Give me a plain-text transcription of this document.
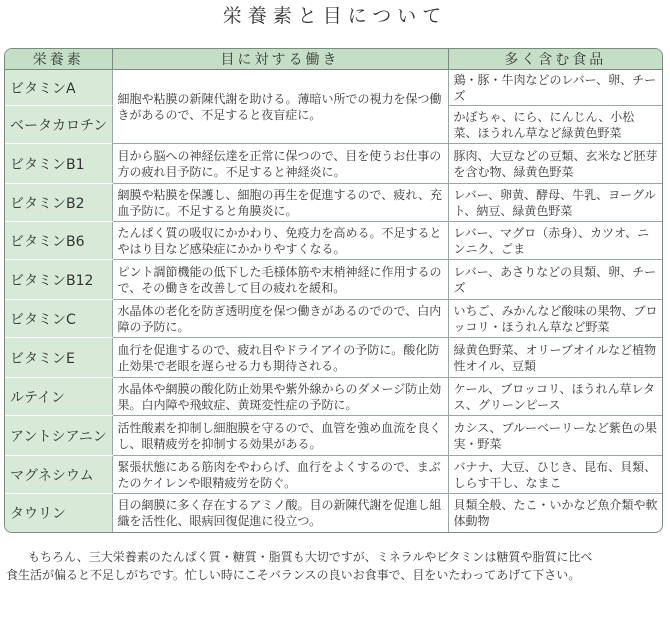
栄養素と目について
栄養素	目に対する働き	多く含む食品
ビタミンA	細胞や粘膜の新陳代謝を助ける。薄暗い所での視力を保つ働きがあるので、不足すると夜盲症に。	鶏・豚・牛肉などのレバー、卵、チーズ
ベータカロチン		かぼちゃ、にら、にんじん、小松菜、ほうれん草など緑黄色野菜
ビタミンB1	目から脳への神経伝達を正常に保つので、目を使うお仕事の方の疲れ目予防に。不足すると神経炎に。	豚肉、大豆などの豆類、玄米など胚芽を含む物、緑黄色野菜
ビタミンB2	網膜や粘膜を保護し、細胞の再生を促進するので、疲れ、充血予防に。不足すると角膜炎に。	レバー、卵黄、酵母、牛乳、ヨーグルト、納豆、緑黄色野菜
ビタミンB6	たんぱく質の吸収にかかわり、免疫力を高める。不足するとやはり目など感染症にかかりやすくなる。	レバー、マグロ（赤身）、カツオ、ニンニク、ごま
ビタミンB12	ピント調節機能の低下した毛様体筋や末梢神経に作用するので、その働きを改善して目の疲れを緩和。	レバー、あさりなどの貝類、卵、チーズ
ビタミンC	水晶体の老化を防ぎ透明度を保つ働きがあるのでので、白内障の予防に。	いちご、みかんなど酸味の果物、ブロッコリ・ほうれん草など野菜
ビタミンE	血行を促進するので、疲れ目やドライアイの予防に。酸化防止効果で老眼を遅らせる力も期待される。	緑黄色野菜、オリーブオイルなど植物性オイル、豆類
ルテイン	水晶体や網膜の酸化防止効果や紫外線からのダメージ防止効果。白内障や飛蚊症、黄斑変性症の予防に。	ケール、ブロッコリ、ほうれん草レタス、グリーンピース
アントシアニン	活性酸素を抑制し細胞膜を守るので、血管を強め血流を良くし、眼精疲労を抑制する効果がある。	カシス、ブルーベーリーなど紫色の果実・野菜
マグネシウム	緊張状態にある筋肉をやわらげ、血行をよくするので、まぶたのケイレンや眼精疲労を防ぐ。	バナナ、大豆、ひじき、昆布、貝類、しらす干し、なまこ
タウリン	目の網膜に多く存在するアミノ酸。目の新陳代謝を促進し組織を活性化、眼病回復促進に役立つ。	貝類全般、たこ・いかなど魚介類や軟体動物
もちろん、三大栄養素のたんぱく質・糖質・脂質も大切ですが、ミネラルやビタミンは糖質や脂質に比べ
食生活が偏ると不足しがちです。忙しい時にこそバランスの良いお食事で、目をいたわってあげて下さい。
